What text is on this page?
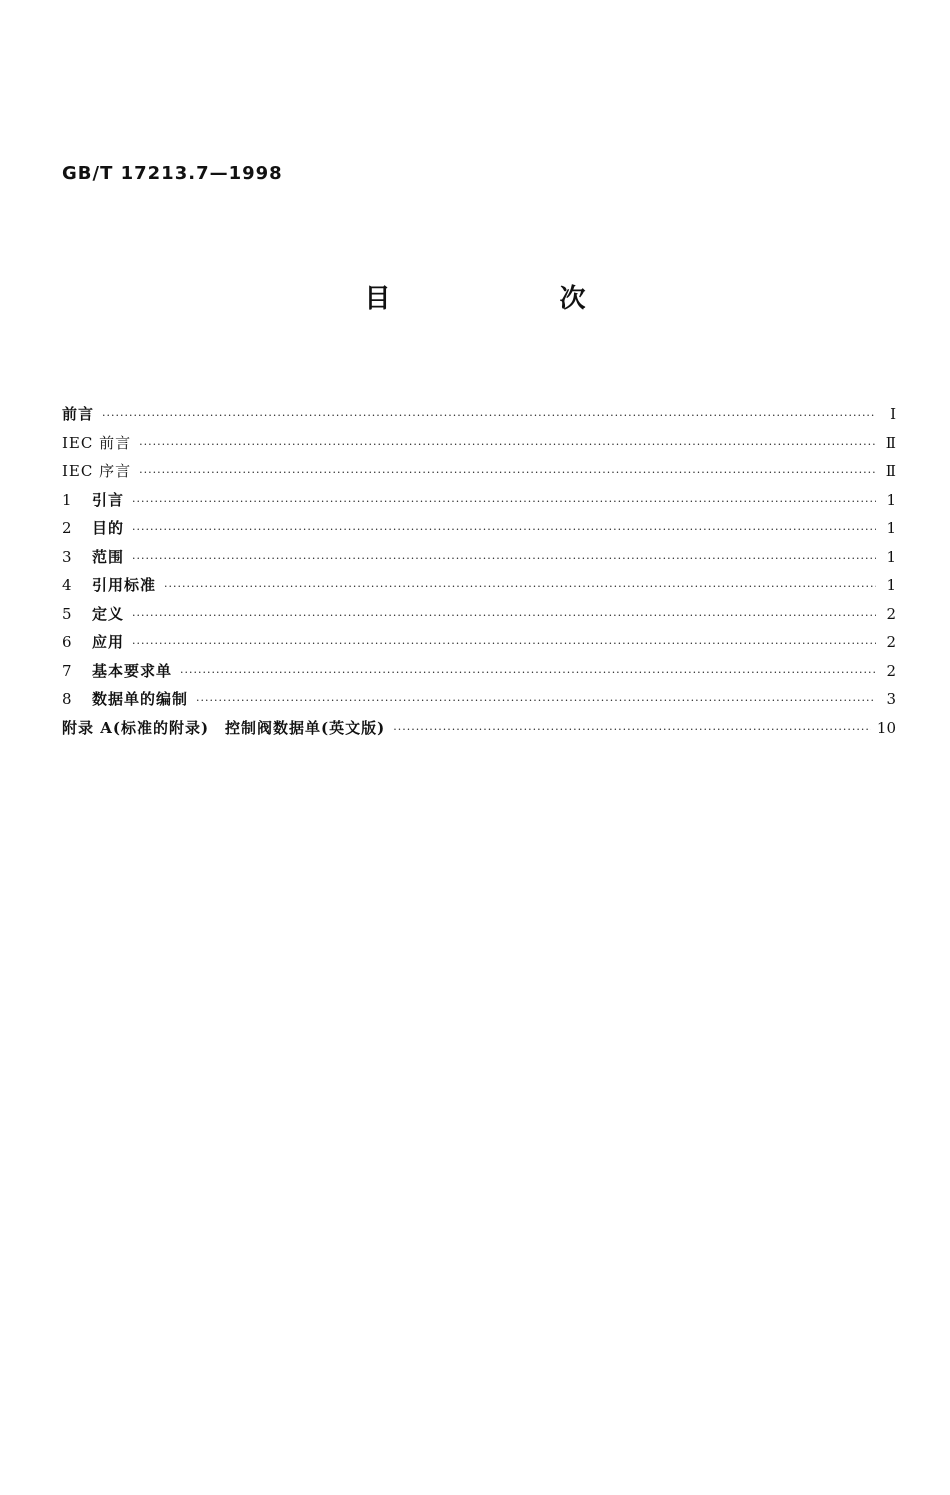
GB/T 17213.7—1998
目 次
前言 ·····	Ⅰ
IEC 前言 ·····	Ⅱ
IEC 序言 ·····	Ⅱ
1	引言 ·····	1
2	目的 ·····	1
3	范围 ·····	1
4	引用标准 ·····	1
5	定义 ·····	2
6	应用 ·····	2
7	基本要求单 ·····	2
8	数据单的编制 ·····	3
附录 A(标准的附录)　控制阀数据单(英文版) ·····	10
